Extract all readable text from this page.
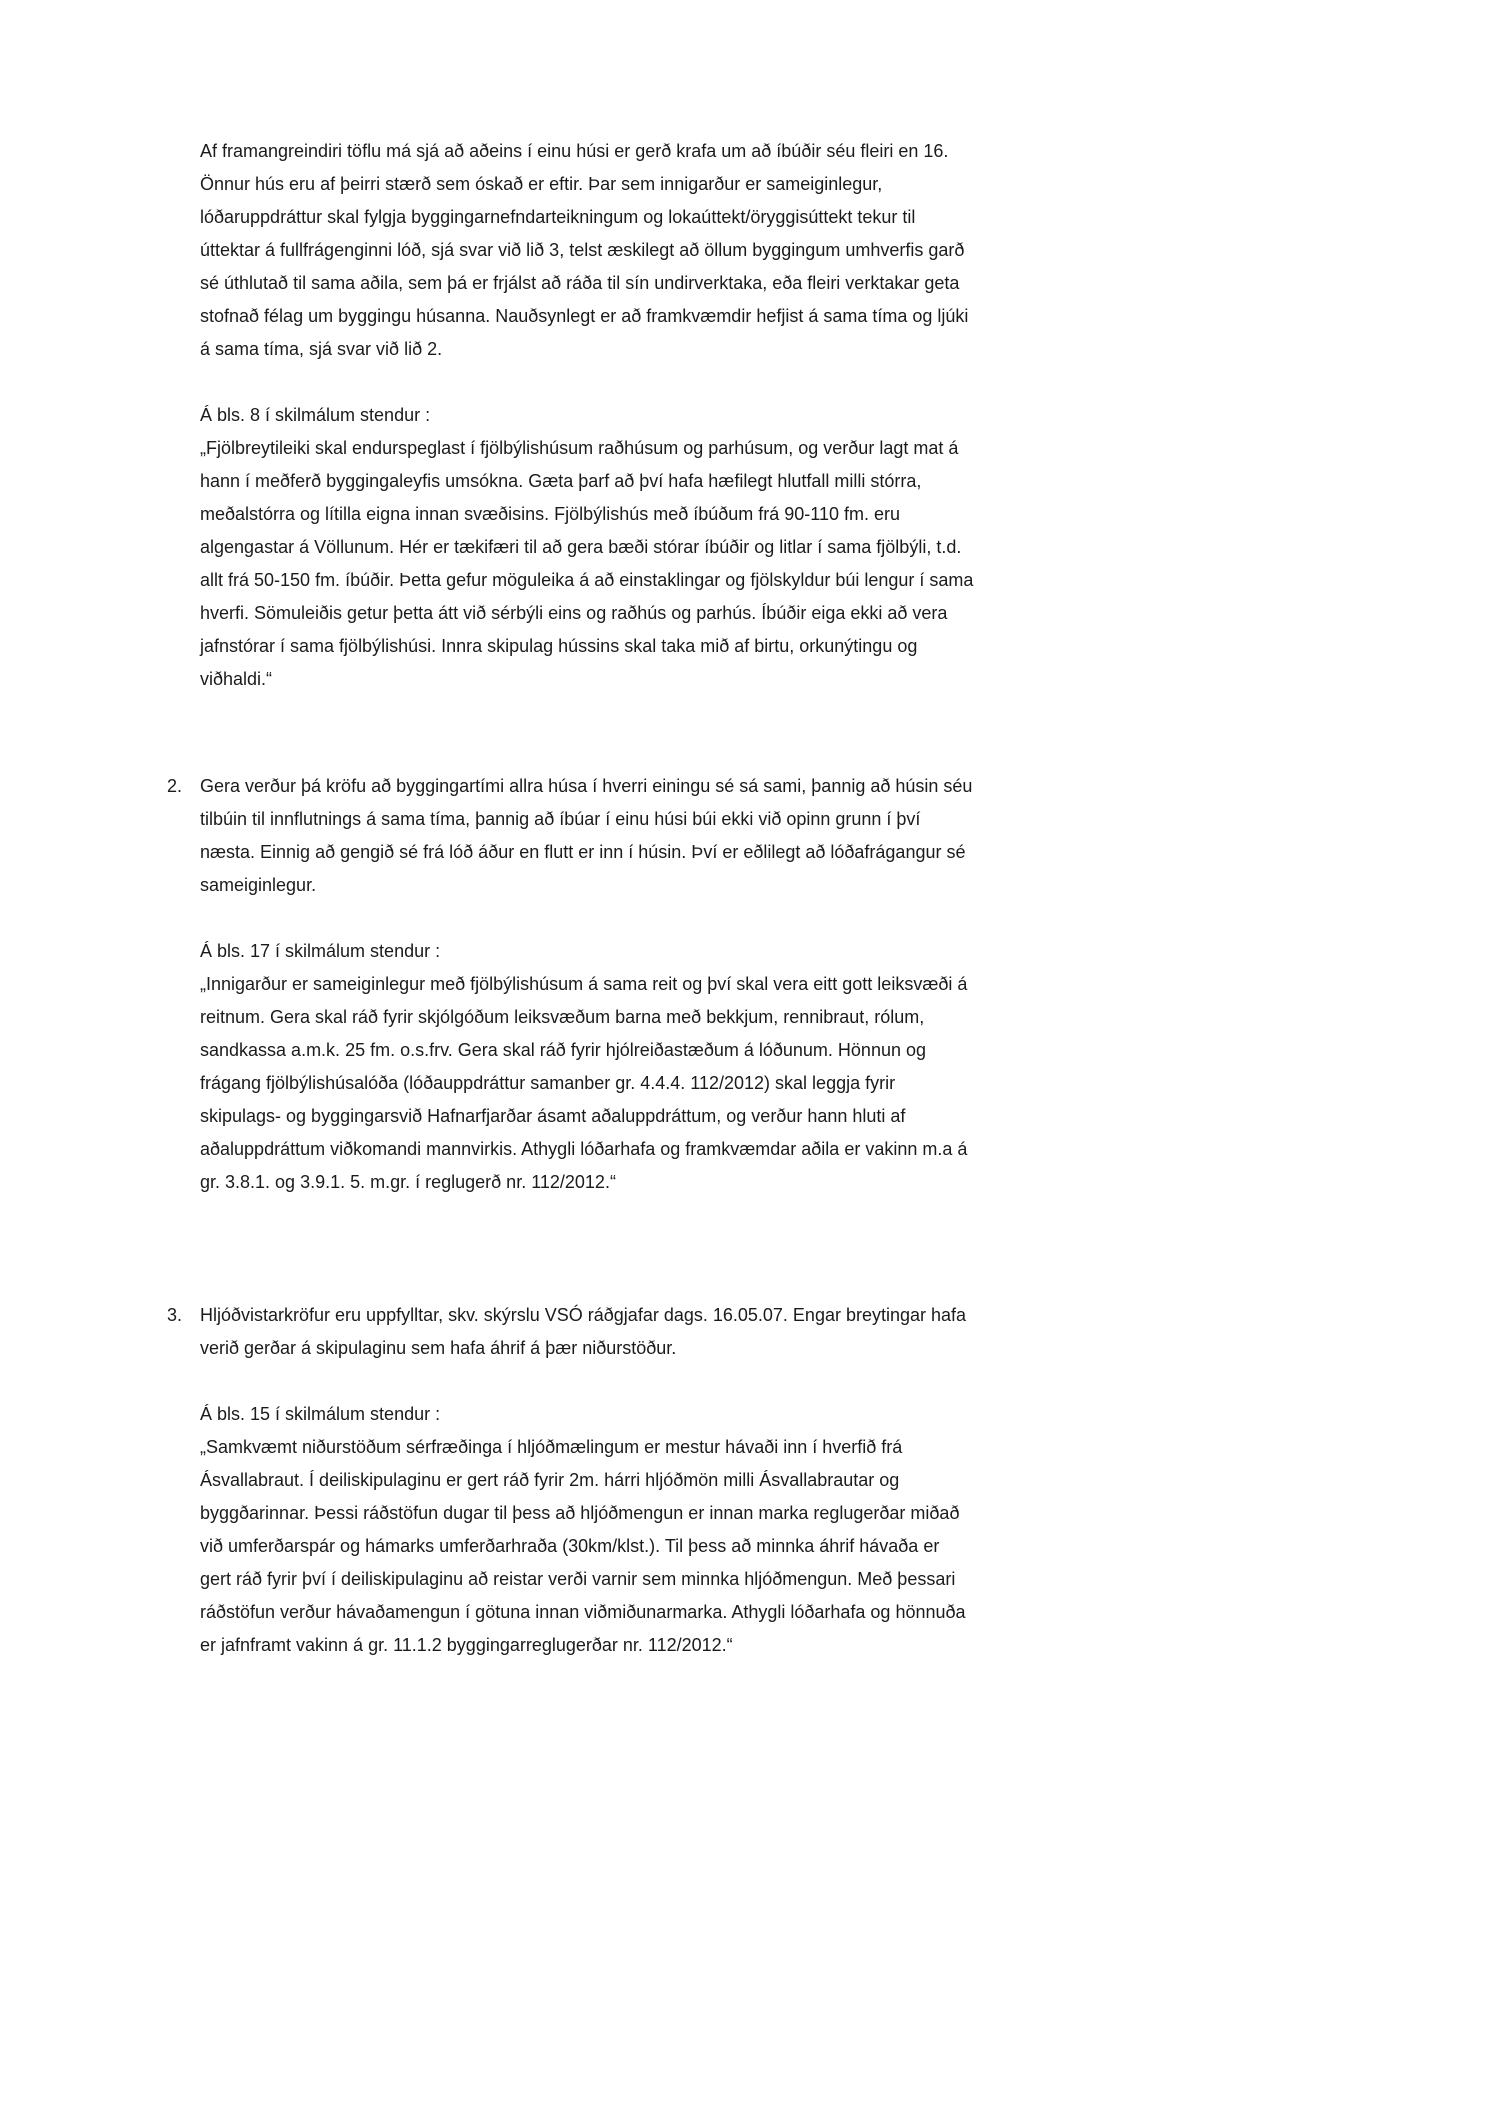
Af framangreindiri töflu má sjá að aðeins í einu húsi er gerð krafa um að íbúðir séu fleiri en 16. Önnur hús eru af þeirri stærð sem óskað er eftir. Þar sem innigarður er sameiginlegur, lóðaruppdráttur skal fylgja byggingarnefndarteikningum og lokaúttekt/öryggisúttekt tekur til úttektar á fullfrágenginni lóð, sjá svar við lið 3, telst æskilegt að öllum byggingum umhverfis garð sé úthlutað til sama aðila, sem þá er frjálst að ráða til sín undirverktaka, eða fleiri verktakar geta stofnað félag um byggingu húsanna. Nauðsynlegt er að framkvæmdir hefjist á sama tíma og ljúki á sama tíma, sjá svar við lið 2.

Á bls. 8 í skilmálum stendur :

„Fjölbreytileiki skal endurspeglast í fjölbýlishúsum raðhúsum og parhúsum, og verður lagt mat á hann í meðferð byggingaleyfis umsókna. Gæta þarf að því hafa hæfilegt hlutfall milli stórra, meðalstórra og lítilla eigna innan svæðisins. Fjölbýlishús með íbúðum frá 90-110 fm. eru algengastar á Völlunum. Hér er tækifæri til að gera bæði stórar íbúðir og litlar í sama fjölbýli, t.d. allt frá 50-150 fm. íbúðir. Þetta gefur möguleika á að einstaklingar og fjölskyldur búi lengur í sama hverfi. Sömuleiðis getur þetta átt við sérbýli eins og raðhús og parhús. Íbúðir eiga ekki að vera jafnstórar í sama fjölbýlishúsi. Innra skipulag hússins skal taka mið af birtu, orkunýtingu og viðhaldi.“

2. Gera verður þá kröfu að byggingartími allra húsa í hverri einingu sé sá sami, þannig að húsin séu tilbúin til innflutnings á sama tíma, þannig að íbúar í einu húsi búi ekki við opinn grunn í því næsta. Einnig að gengið sé frá lóð áður en flutt er inn í húsin. Því er eðlilegt að lóðafrágangur sé sameiginlegur.

Á bls. 17 í skilmálum stendur :

„Innigarður er sameiginlegur með fjölbýlishúsum á sama reit og því skal vera eitt gott leiksvæði á reitnum. Gera skal ráð fyrir skjólgóðum leiksvæðum barna með bekkjum, rennibraut, rólum, sandkassa a.m.k. 25 fm. o.s.frv. Gera skal ráð fyrir hjólreiðastæðum á lóðunum. Hönnun og frágang fjölbýlishúsalóða (lóðauppdráttur samanber gr. 4.4.4. 112/2012) skal leggja fyrir skipulags- og byggingarsvið Hafnarfjarðar ásamt aðaluppdráttum, og verður hann hluti af aðaluppdráttum viðkomandi mannvirkis. Athygli lóðarhafa og framkvæmdar aðila er vakinn m.a á gr. 3.8.1. og 3.9.1. 5. m.gr. í reglugerð nr. 112/2012.“

3. Hljóðvistarkröfur eru uppfylltar, skv. skýrslu VSÓ ráðgjafar dags. 16.05.07. Engar breytingar hafa verið gerðar á skipulaginu sem hafa áhrif á þær niðurstöður.

Á bls. 15 í skilmálum stendur :

„Samkvæmt niðurstöðum sérfræðinga í hljóðmælingum er mestur hávaði inn í hverfið frá Ásvallabraut. Í deiliskipulaginu er gert ráð fyrir 2m. hárri hljóðmön milli Ásvallabrautar og byggðarinnar. Þessi ráðstöfun dugar til þess að hljóðmengun er innan marka reglugerðar miðað við umferðarspár og hámarks umferðarhraða (30km/klst.). Til þess að minnka áhrif hávaða er gert ráð fyrir því í deiliskipulaginu að reistar verði varnir sem minnka hljóðmengun. Með þessari ráðstöfun verður hávaðamengun í götuna innan viðmiðunarmarka. Athygli lóðarhafa og hönnuða er jafnframt vakinn á gr. 11.1.2 byggingarreglugerðar nr. 112/2012.“
